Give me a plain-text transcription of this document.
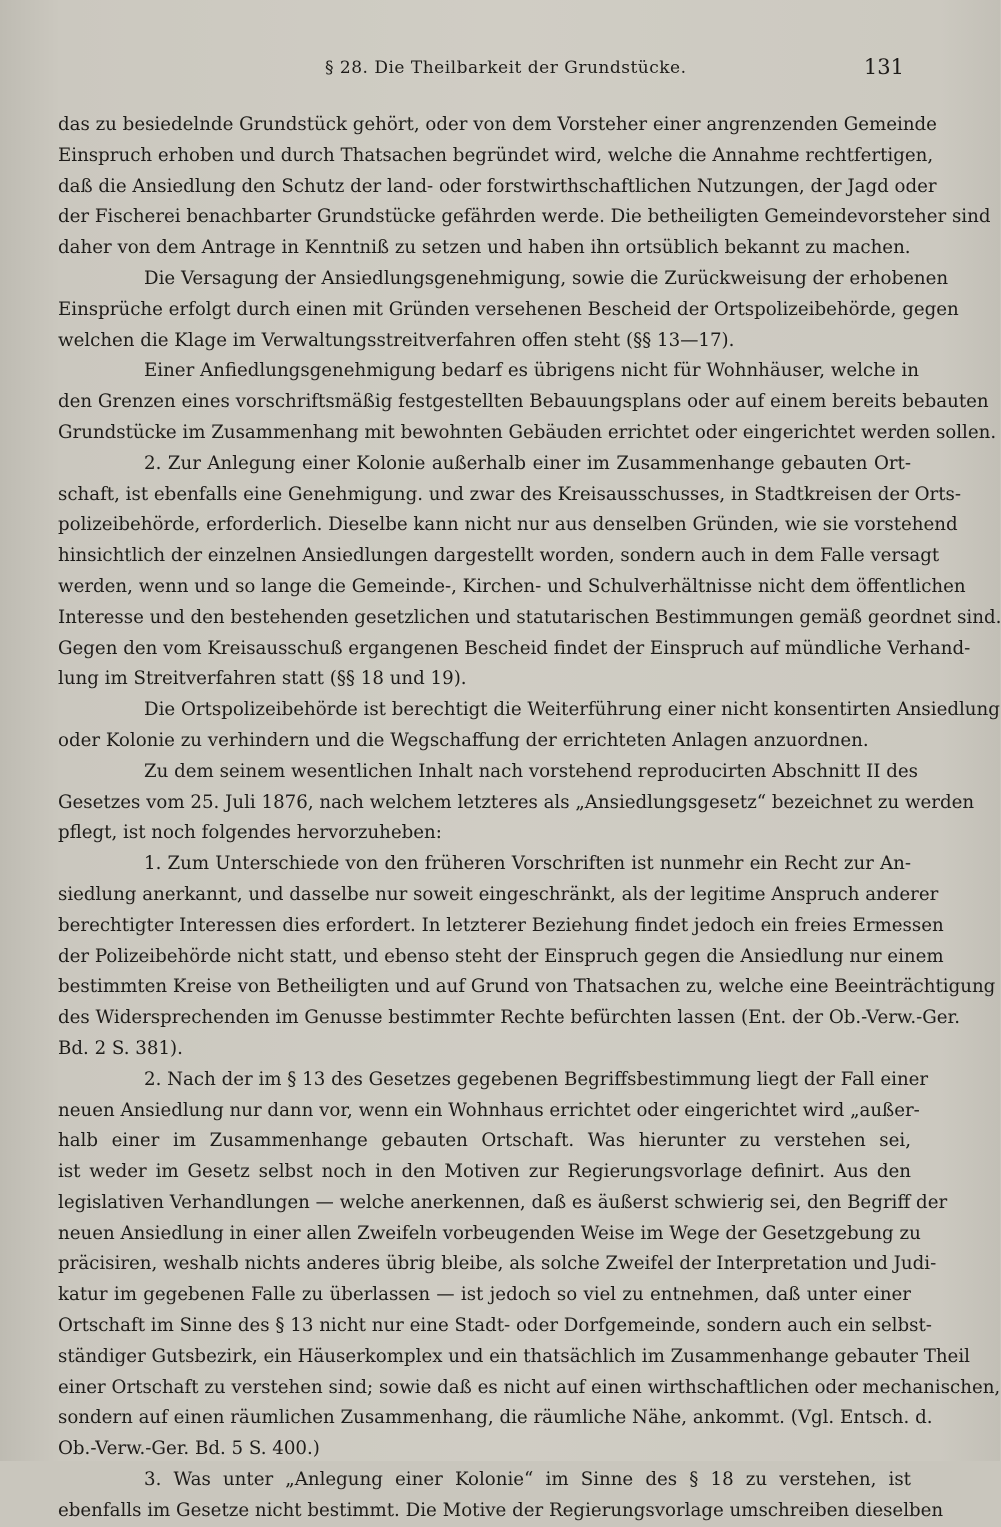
§ 28. Die Theilbarkeit der Grundstücke.	131
das zu besiedelnde Grundstück gehört, oder von dem Vorsteher einer angrenzenden Gemeinde
Einspruch erhoben und durch Thatsachen begründet wird, welche die Annahme rechtfertigen,
daß die Ansiedlung den Schutz der land- oder forstwirthschaftlichen Nutzungen, der Jagd oder
der Fischerei benachbarter Grundstücke gefährden werde. Die betheiligten Gemeindevorsteher sind
daher von dem Antrage in Kenntniß zu setzen und haben ihn ortsüblich bekannt zu machen.
Die Versagung der Ansiedlungsgenehmigung, sowie die Zurückweisung der erhobenen
Einsprüche erfolgt durch einen mit Gründen versehenen Bescheid der Ortspolizeibehörde, gegen
welchen die Klage im Verwaltungsstreitverfahren offen steht (§§ 13—17).
Einer Anfiedlungsgenehmigung bedarf es übrigens nicht für Wohnhäuser, welche in
den Grenzen eines vorschriftsmäßig festgestellten Bebauungsplans oder auf einem bereits bebauten
Grundstücke im Zusammenhang mit bewohnten Gebäuden errichtet oder eingerichtet werden sollen.
2. Zur Anlegung einer Kolonie außerhalb einer im Zusammenhange gebauten Ort-
schaft, ist ebenfalls eine Genehmigung. und zwar des Kreisausschusses, in Stadtkreisen der Orts-
polizeibehörde, erforderlich. Dieselbe kann nicht nur aus denselben Gründen, wie sie vorstehend
hinsichtlich der einzelnen Ansiedlungen dargestellt worden, sondern auch in dem Falle versagt
werden, wenn und so lange die Gemeinde-, Kirchen- und Schulverhältnisse nicht dem öffentlichen
Interesse und den bestehenden gesetzlichen und statutarischen Bestimmungen gemäß geordnet sind.
Gegen den vom Kreisausschuß ergangenen Bescheid findet der Einspruch auf mündliche Verhand-
lung im Streitverfahren statt (§§ 18 und 19).
Die Ortspolizeibehörde ist berechtigt die Weiterführung einer nicht konsentirten Ansiedlung
oder Kolonie zu verhindern und die Wegschaffung der errichteten Anlagen anzuordnen.
Zu dem seinem wesentlichen Inhalt nach vorstehend reproducirten Abschnitt II des
Gesetzes vom 25. Juli 1876, nach welchem letzteres als „Ansiedlungsgesetz“ bezeichnet zu werden
pflegt, ist noch folgendes hervorzuheben:
1. Zum Unterschiede von den früheren Vorschriften ist nunmehr ein Recht zur An-
siedlung anerkannt, und dasselbe nur soweit eingeschränkt, als der legitime Anspruch anderer
berechtigter Interessen dies erfordert. In letzterer Beziehung findet jedoch ein freies Ermessen
der Polizeibehörde nicht statt, und ebenso steht der Einspruch gegen die Ansiedlung nur einem
bestimmten Kreise von Betheiligten und auf Grund von Thatsachen zu, welche eine Beeinträchtigung
des Widersprechenden im Genusse bestimmter Rechte befürchten lassen (Ent. der Ob.-Verw.-Ger.
Bd. 2 S. 381).
2. Nach der im § 13 des Gesetzes gegebenen Begriffsbestimmung liegt der Fall einer
neuen Ansiedlung nur dann vor, wenn ein Wohnhaus errichtet oder eingerichtet wird „außer-
halb einer im Zusammenhange gebauten Ortschaft. Was hierunter zu verstehen sei,
ist weder im Gesetz selbst noch in den Motiven zur Regierungsvorlage definirt. Aus den
legislativen Verhandlungen — welche anerkennen, daß es äußerst schwierig sei, den Begriff der
neuen Ansiedlung in einer allen Zweifeln vorbeugenden Weise im Wege der Gesetzgebung zu
präcisiren, weshalb nichts anderes übrig bleibe, als solche Zweifel der Interpretation und Judi-
katur im gegebenen Falle zu überlassen — ist jedoch so viel zu entnehmen, daß unter einer
Ortschaft im Sinne des § 13 nicht nur eine Stadt- oder Dorfgemeinde, sondern auch ein selbst-
ständiger Gutsbezirk, ein Häuserkomplex und ein thatsächlich im Zusammenhange gebauter Theil
einer Ortschaft zu verstehen sind; sowie daß es nicht auf einen wirthschaftlichen oder mechanischen,
sondern auf einen räumlichen Zusammenhang, die räumliche Nähe, ankommt. (Vgl. Entsch. d.
Ob.-Verw.-Ger. Bd. 5 S. 400.)
3. Was unter „Anlegung einer Kolonie“ im Sinne des § 18 zu verstehen, ist
ebenfalls im Gesetze nicht bestimmt. Die Motive der Regierungsvorlage umschreiben dieselben
